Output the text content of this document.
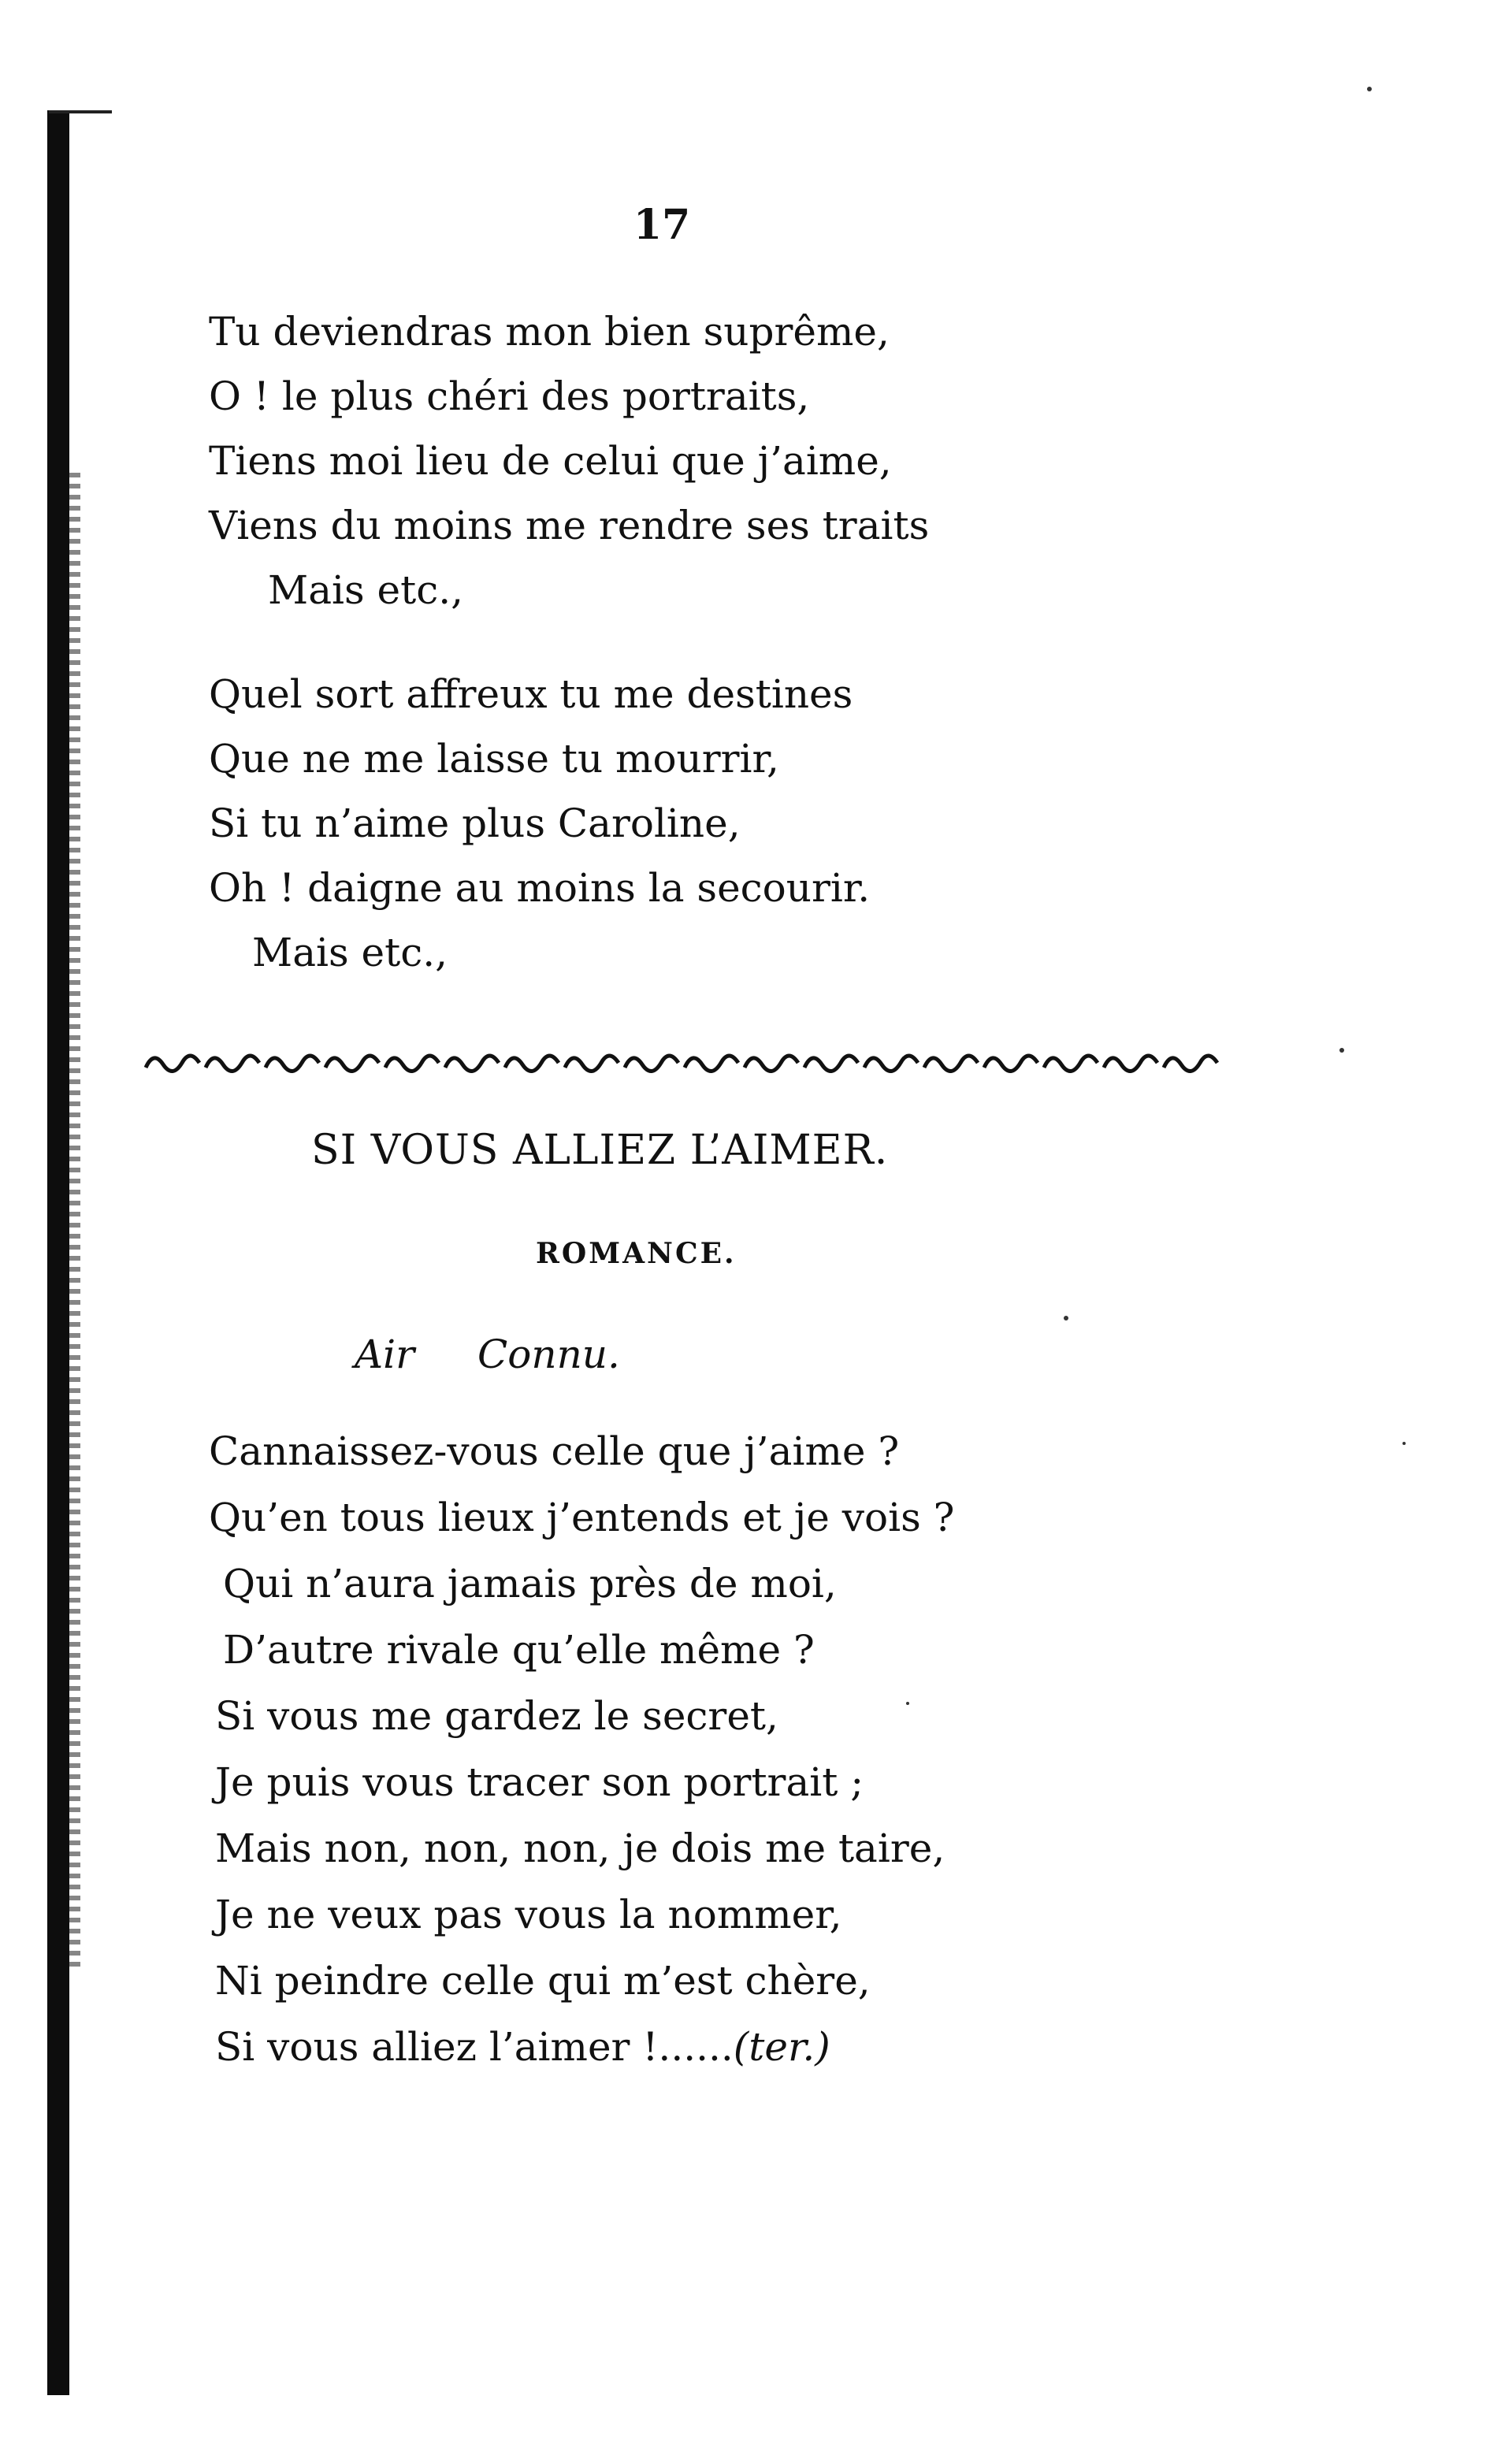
17
Tu deviendras mon bien suprême,
O ! le plus chéri des portraits,
Tiens moi lieu de celui que j’aime,
Viens du moins me rendre ses traits
Mais etc.,
Quel sort affreux tu me destines
Que ne me laisse tu mourrir,
Si tu n’aime plus Caroline,
Oh ! daigne au moins la secourir.
Mais etc.,
SI VOUS ALLIEZ L’AIMER.
ROMANCE.
Air Connu.
Cannaissez-vous celle que j’aime ?
Qu’en tous lieux j’entends et je vois ?
Qui n’aura jamais près de moi,
D’autre rivale qu’elle même ?
Si vous me gardez le secret,
Je puis vous tracer son portrait ;
Mais non, non, non, je dois me taire,
Je ne veux pas vous la nommer,
Ni peindre celle qui m’est chère,
Si vous alliez l’aimer !......(ter.)
